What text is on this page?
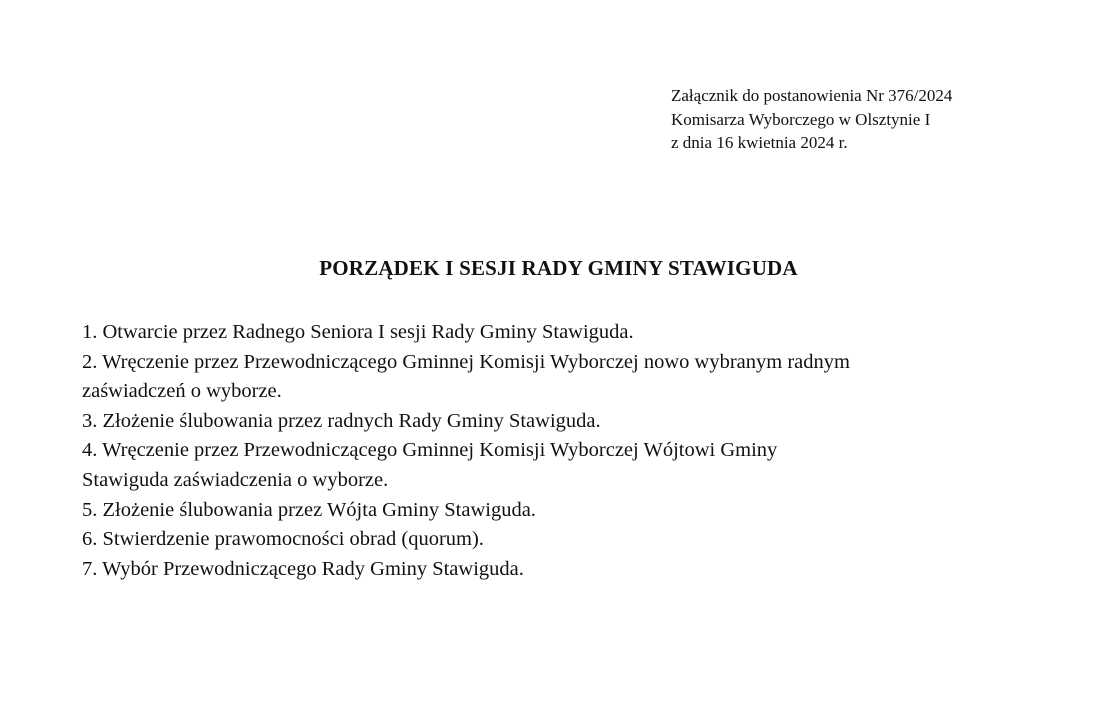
Załącznik do postanowienia Nr 376/2024
Komisarza Wyborczego w Olsztynie I
z dnia 16 kwietnia 2024 r.
PORZĄDEK I SESJI RADY GMINY STAWIGUDA
1. Otwarcie przez Radnego Seniora I sesji Rady Gminy Stawiguda.
2. Wręczenie przez Przewodniczącego Gminnej Komisji Wyborczej nowo wybranym radnym
zaświadczeń o wyborze.
3. Złożenie ślubowania przez radnych Rady Gminy Stawiguda.
4. Wręczenie przez Przewodniczącego Gminnej Komisji Wyborczej Wójtowi Gminy
Stawiguda zaświadczenia o wyborze.
5. Złożenie ślubowania przez Wójta Gminy Stawiguda.
6. Stwierdzenie prawomocności obrad (quorum).
7. Wybór Przewodniczącego Rady Gminy Stawiguda.
